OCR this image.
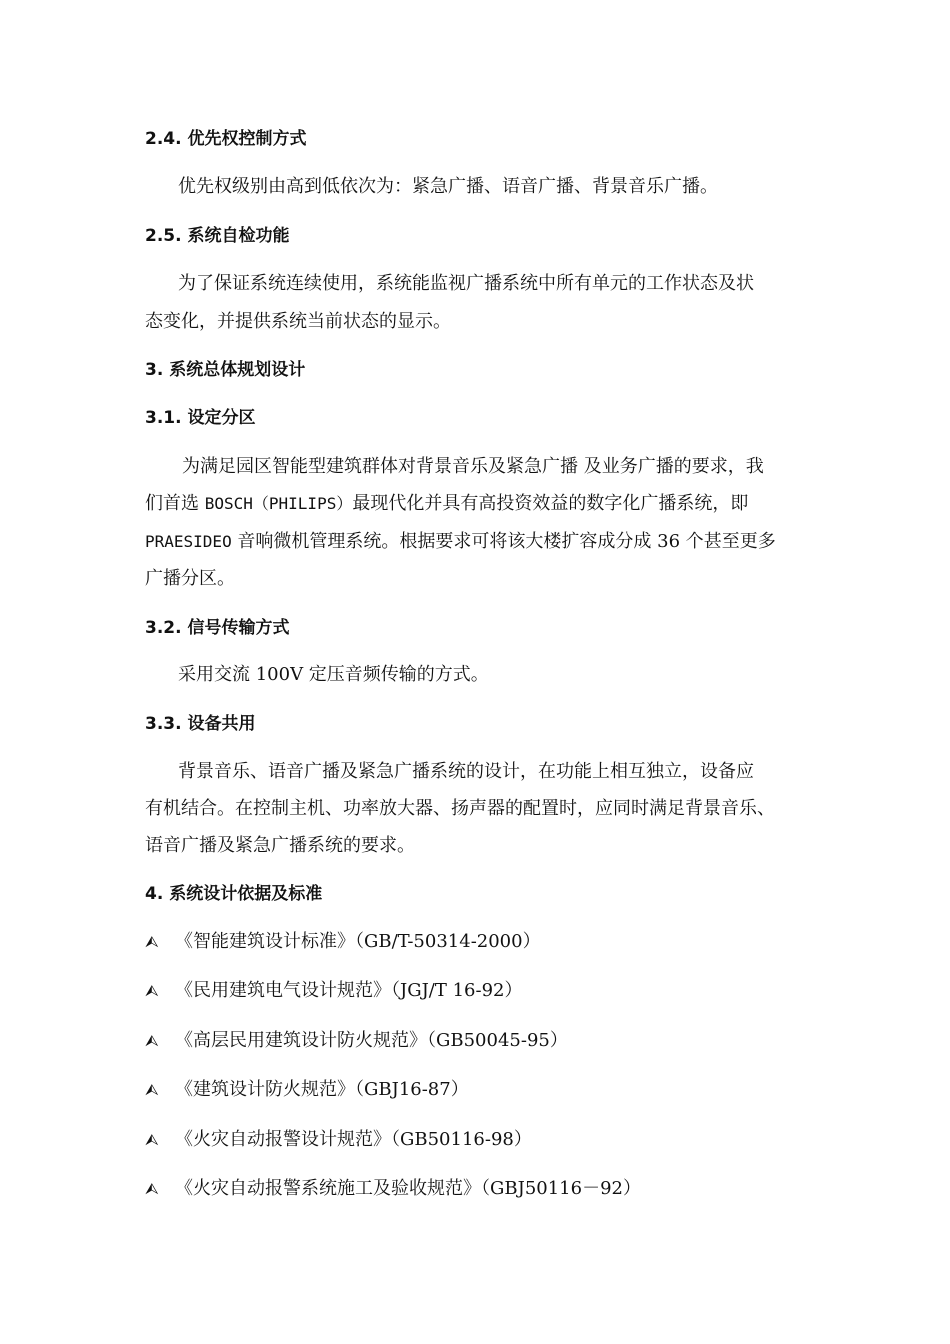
2.4. 优先权控制方式
优先权级别由高到低依次为：紧急广播、语音广播、背景音乐广播。
2.5. 系统自检功能
为了保证系统连续使用，系统能监视广播系统中所有单元的工作状态及状
态变化，并提供系统当前状态的显示。
3. 系统总体规划设计
3.1. 设定分区
为满足园区智能型建筑群体对背景音乐及紧急广播 及业务广播的要求，我
们首选 BOSCH（PHILIPS）最现代化并具有高投资效益的数字化广播系统，即
PRAESIDEO 音响微机管理系统。根据要求可将该大楼扩容成分成 36 个甚至更多
广播分区。
3.2. 信号传输方式
采用交流 100V 定压音频传输的方式。
3.3. 设备共用
背景音乐、语音广播及紧急广播系统的设计，在功能上相互独立，设备应
有机结合。在控制主机、功率放大器、扬声器的配置时，应同时满足背景音乐、
语音广播及紧急广播系统的要求。
4. 系统设计依据及标准
⮙ 《智能建筑设计标准》（GB/T-50314-2000）
⮙ 《民用建筑电气设计规范》（JGJ/T 16-92）
⮙ 《高层民用建筑设计防火规范》（GB50045-95）
⮙ 《建筑设计防火规范》（GBJ16-87）
⮙ 《火灾自动报警设计规范》（GB50116-98）
⮙ 《火灾自动报警系统施工及验收规范》（GBJ50116－92）
